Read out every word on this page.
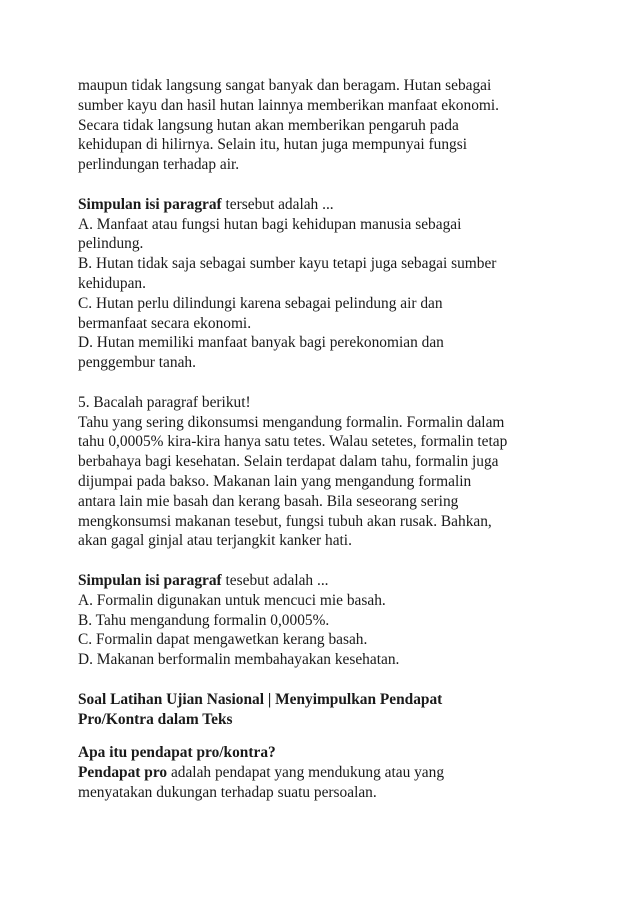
maupun tidak langsung sangat banyak dan beragam. Hutan sebagai
sumber kayu dan hasil hutan lainnya memberikan manfaat ekonomi.
Secara tidak langsung hutan akan memberikan pengaruh pada
kehidupan di hilirnya. Selain itu, hutan juga mempunyai fungsi
perlindungan terhadap air.
Simpulan isi paragraf tersebut adalah ...
A. Manfaat atau fungsi hutan bagi kehidupan manusia sebagai
pelindung.
B. Hutan tidak saja sebagai sumber kayu tetapi juga sebagai sumber
kehidupan.
C. Hutan perlu dilindungi karena sebagai pelindung air dan
bermanfaat secara ekonomi.
D. Hutan memiliki manfaat banyak bagi perekonomian dan
penggembur tanah.
5. Bacalah paragraf berikut!
Tahu yang sering dikonsumsi mengandung formalin. Formalin dalam
tahu 0,0005% kira-kira hanya satu tetes. Walau setetes, formalin tetap
berbahaya bagi kesehatan. Selain terdapat dalam tahu, formalin juga
dijumpai pada bakso. Makanan lain yang mengandung formalin
antara lain mie basah dan kerang basah. Bila seseorang sering
mengkonsumsi makanan tesebut, fungsi tubuh akan rusak. Bahkan,
akan gagal ginjal atau terjangkit kanker hati.
Simpulan isi paragraf tesebut adalah ...
A. Formalin digunakan untuk mencuci mie basah.
B. Tahu mengandung formalin 0,0005%.
C. Formalin dapat mengawetkan kerang basah.
D. Makanan berformalin membahayakan kesehatan.
Soal Latihan Ujian Nasional | Menyimpulkan Pendapat
Pro/Kontra dalam Teks
Apa itu pendapat pro/kontra?
Pendapat pro adalah pendapat yang mendukung atau yang
menyatakan dukungan terhadap suatu persoalan.
